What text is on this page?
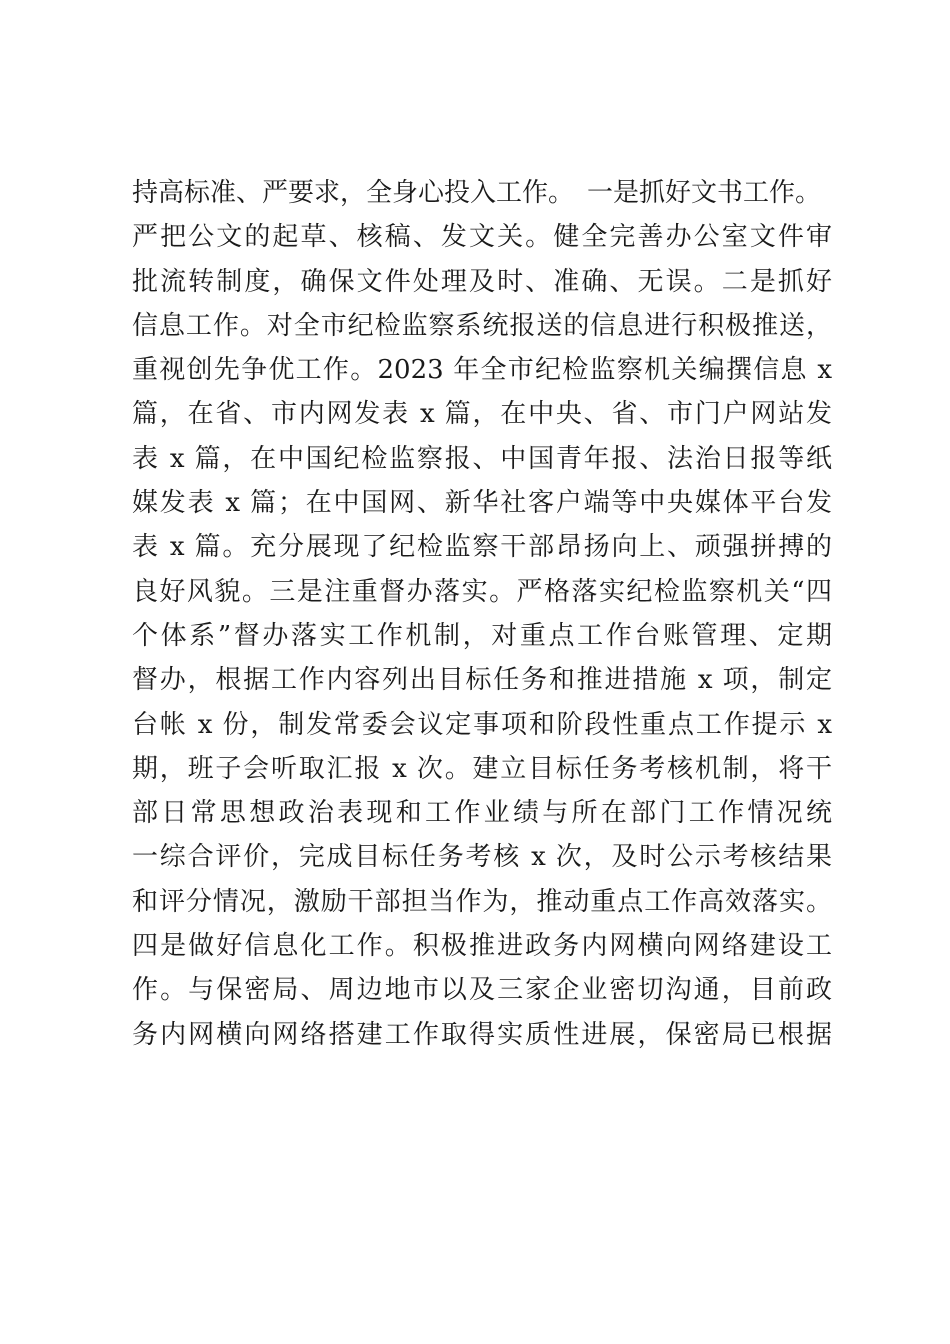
持高标准、严要求，全身心投入工作。　一是抓好文书工作。
严把公文的起草、核稿、发文关。健全完善办公室文件审
批流转制度，确保文件处理及时、准确、无误。二是抓好
信息工作。对全市纪检监察系统报送的信息进行积极推送，
重视创先争优工作。2023 年全市纪检监察机关编撰信息 x
篇，在省、市内网发表 x 篇，在中央、省、市门户网站发
表 x 篇，在中国纪检监察报、中国青年报、法治日报等纸
媒发表 x 篇；在中国网、新华社客户端等中央媒体平台发
表 x 篇。充分展现了纪检监察干部昂扬向上、顽强拼搏的
良好风貌。三是注重督办落实。严格落实纪检监察机关“四
个体系”督办落实工作机制，对重点工作台账管理、定期
督办，根据工作内容列出目标任务和推进措施 x 项，制定
台帐 x 份，制发常委会议定事项和阶段性重点工作提示 x
期，班子会听取汇报 x 次。建立目标任务考核机制，将干
部日常思想政治表现和工作业绩与所在部门工作情况统
一综合评价，完成目标任务考核 x 次，及时公示考核结果
和评分情况，激励干部担当作为，推动重点工作高效落实。
四是做好信息化工作。积极推进政务内网横向网络建设工
作。与保密局、周边地市以及三家企业密切沟通，目前政
务内网横向网络搭建工作取得实质性进展，保密局已根据
